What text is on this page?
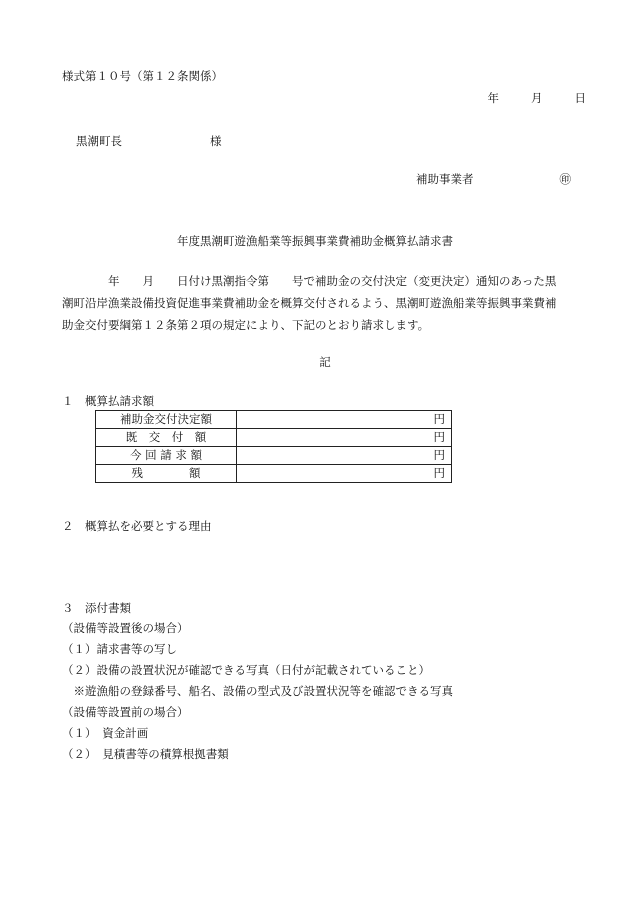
様式第１０号（第１２条関係）
年	月	日
黒潮町長	様
補助事業者	㊞
年度黒潮町遊漁船業等振興事業費補助金概算払請求書

　　　　年　　月　　日付け黒潮指令第　　号で補助金の交付決定（変更決定）通知のあった黒

潮町沿岸漁業設備投資促進事業費補助金を概算交付されるよう、黒潮町遊漁船業等振興事業費補

助金交付要綱第１２条第２項の規定により、下記のとおり請求します。

記
１　概算払請求額
補助金交付決定額	円
既　交　付　額	円
今 回 請 求 額	円
残　　　　額	円
２　概算払を必要とする理由
３　添付書類
（設備等設置後の場合）
（１）請求書等の写し
（２）設備の設置状況が確認できる写真（日付が記載されていること）
　※遊漁船の登録番号、船名、設備の型式及び設置状況等を確認できる写真
（設備等設置前の場合）
（１）　資金計画
（２）　見積書等の積算根拠書類
